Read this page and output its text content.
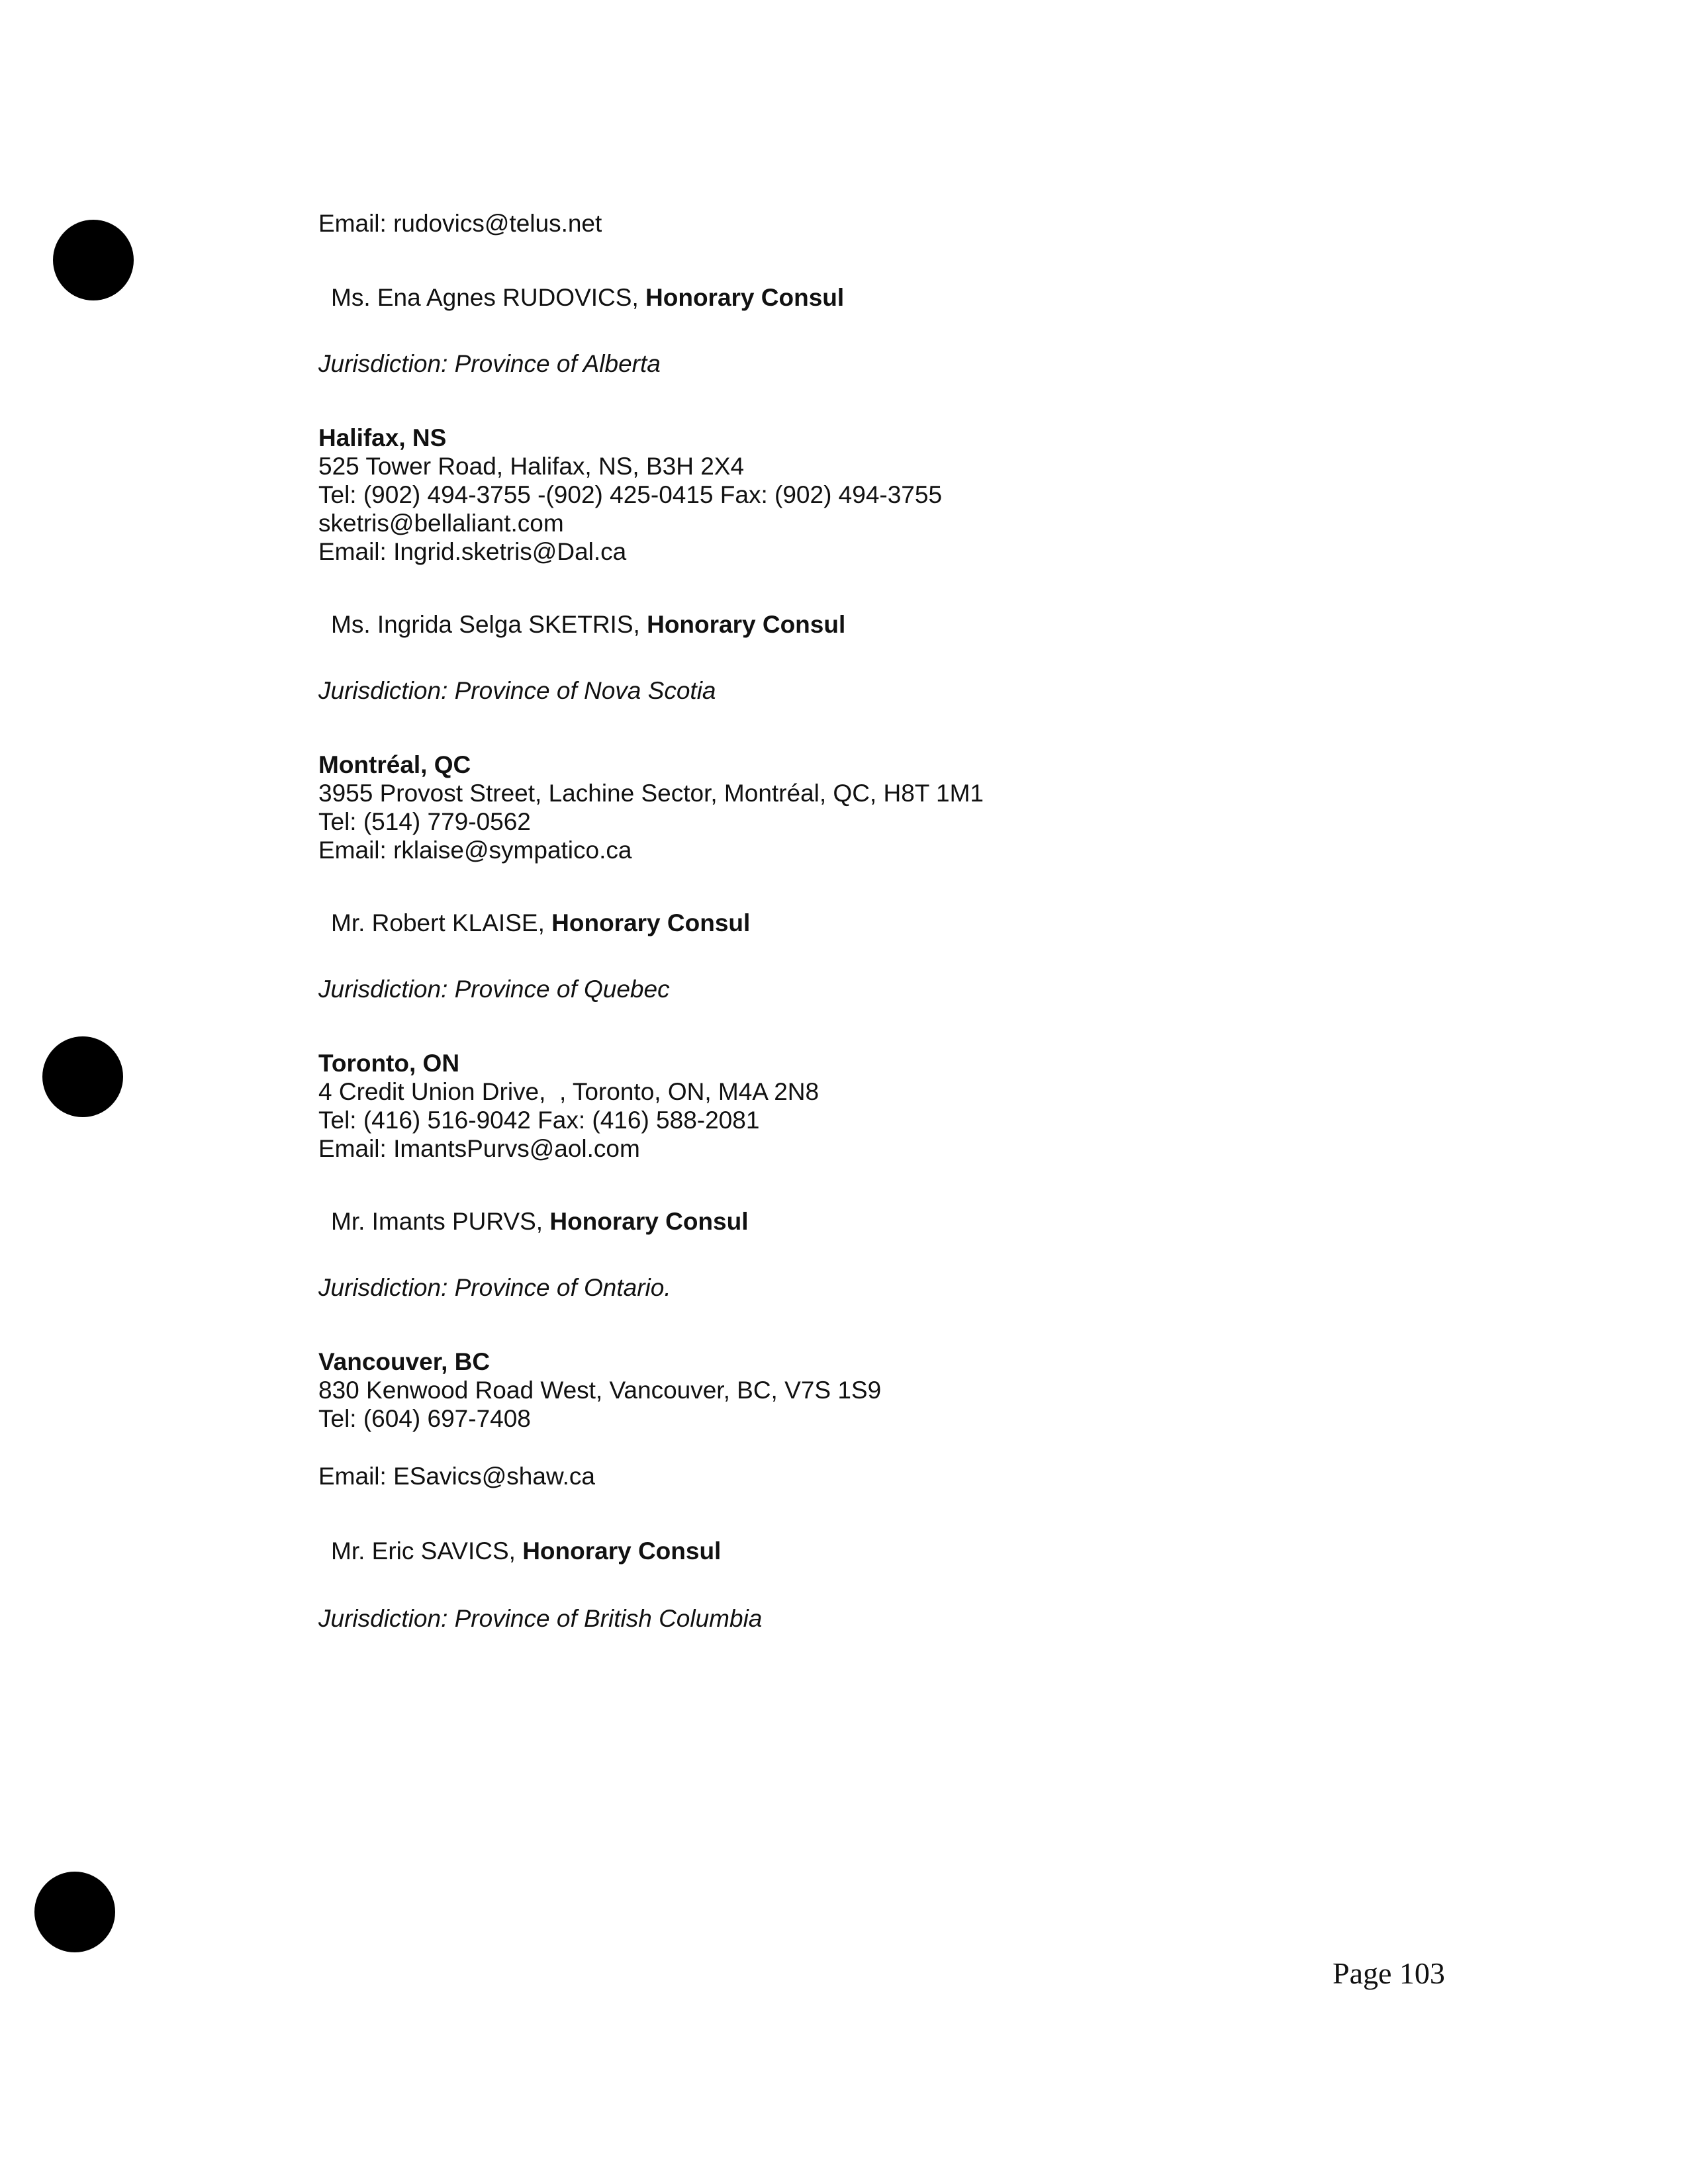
Email: rudovics@telus.net
Ms. Ena Agnes RUDOVICS, Honorary Consul
Jurisdiction: Province of Alberta
Halifax, NS
525 Tower Road, Halifax, NS, B3H 2X4
Tel: (902) 494-3755 -(902) 425-0415 Fax: (902) 494-3755
sketris@bellaliant.com
Email: Ingrid.sketris@Dal.ca
Ms. Ingrida Selga SKETRIS, Honorary Consul
Jurisdiction: Province of Nova Scotia
Montréal, QC
3955 Provost Street, Lachine Sector, Montréal, QC, H8T 1M1
Tel: (514) 779-0562
Email: rklaise@sympatico.ca
Mr. Robert KLAISE, Honorary Consul
Jurisdiction: Province of Quebec
Toronto, ON
4 Credit Union Drive,  , Toronto, ON, M4A 2N8
Tel: (416) 516-9042 Fax: (416) 588-2081
Email: ImantsPurvs@aol.com
Mr. Imants PURVS, Honorary Consul
Jurisdiction: Province of Ontario.
Vancouver, BC
830 Kenwood Road West, Vancouver, BC, V7S 1S9
Tel: (604) 697-7408
Email: ESavics@shaw.ca
Mr. Eric SAVICS, Honorary Consul
Jurisdiction: Province of British Columbia
Page 103
